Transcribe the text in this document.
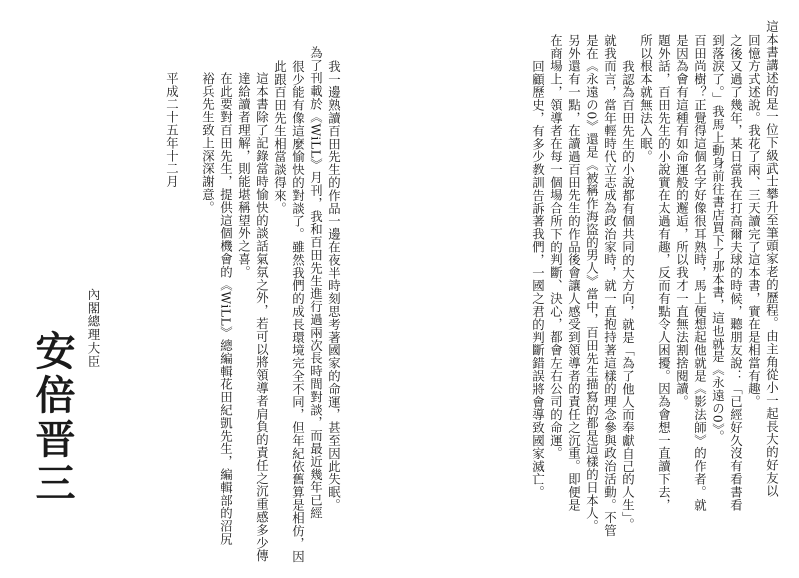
這本書講述的是一位下級武士攀升至筆頭家老的歷程。由主角從小一起長大的好友以
回憶方式述說。我花了兩、三天讀完了這本書，實在是相當有趣。
之後又過了幾年，某日當我在打高爾夫球的時候，聽朋友說：「已經好久沒有看書看
到落淚了。」我馬上動身前往書店買下了那本書，這也就是《永遠の0》。
百田尚樹？正覺得這個名字好像很耳熟時，馬上便想起他就是《影法師》的作者。就
是因為會有這種有如命運般的邂逅，所以我才一直無法割捨閱讀。
題外話，百田先生的小說實在太過有趣，反而有點令人困擾。因為會想一直讀下去，
所以根本就無法入眠。
我認為百田先生的小說都有個共同的大方向，就是「為了他人而奉獻自己的人生」。
就我而言，當年輕時代立志成為政治家時，就一直抱持著這樣的理念參與政治活動。不管
是在《永遠の0》還是《被稱作海盜的男人》當中，百田先生描寫的都是這樣的日本人。
另外還有一點，在讀過百田先生的作品後會讓人感受到領導者的責任之沉重。即便是
在商場上，領導者在每一個場合所下的判斷、決心，都會左右公司的命運。
回顧歷史，有多少教訓告訴著我們，一國之君的判斷錯誤將會導致國家滅亡。
我一邊熟讀百田先生的作品一邊在夜半時刻思考著國家的命運，甚至因此失眠。
為了刊載於《WiLL》月刊，我和百田先生進行過兩次長時間對談，而最近幾年已經
很少能有像這麼愉快的對談了。雖然我們的成長環境完全不同，但年紀依舊算是相仿，因
此跟百田先生相當談得來。
這本書除了記錄當時愉快的談話氣氛之外，若可以將領導者肩負的責任之沉重感多少傳
達給讀者理解，則能堪稱望外之喜。
在此要對百田先生，提供這個機會的《WiLL》總編輯花田紀凱先生，編輯部的沼尻
裕兵先生致上深深謝意。
平成二十五年十二月
內閣總理大臣
安倍晋三
